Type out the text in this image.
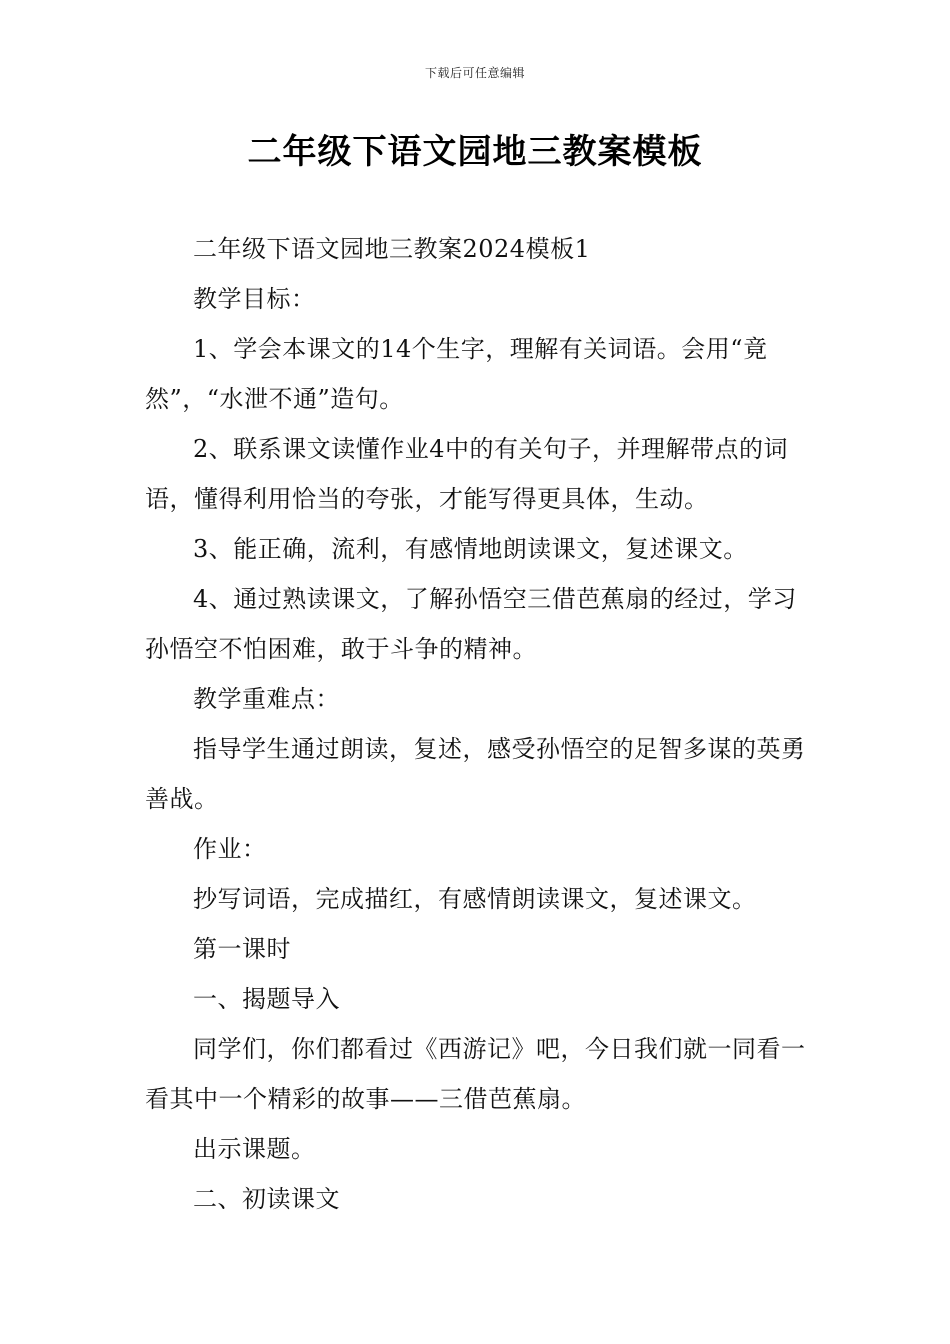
下载后可任意编辑
二年级下语文园地三教案模板

二年级下语文园地三教案2024模板1

教学目标：

1、学会本课文的14个生字，理解有关词语。会用“竟然”，“水泄不通”造句。

2、联系课文读懂作业4中的有关句子，并理解带点的词语，懂得利用恰当的夸张，才能写得更具体，生动。

3、能正确，流利，有感情地朗读课文，复述课文。

4、通过熟读课文，了解孙悟空三借芭蕉扇的经过，学习孙悟空不怕困难，敢于斗争的精神。

教学重难点：

指导学生通过朗读，复述，感受孙悟空的足智多谋的英勇善战。

作业：

抄写词语，完成描红，有感情朗读课文，复述课文。

第一课时

一、揭题导入

同学们，你们都看过《西游记》吧，今日我们就一同看一看其中一个精彩的故事——三借芭蕉扇。

出示课题。

二、初读课文
